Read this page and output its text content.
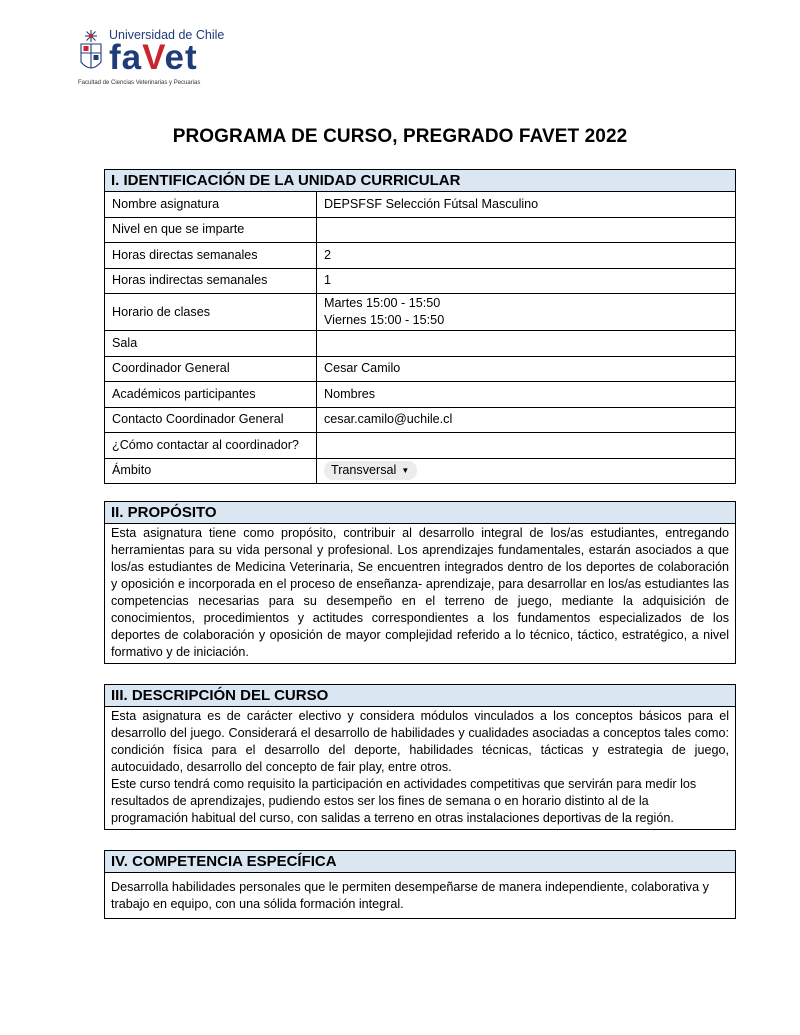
Universidad de Chile
faVet
Facultad de Ciencias Veterinarias y Pecuarias
PROGRAMA DE CURSO, PREGRADO FAVET 2022
I. IDENTIFICACIÓN DE LA UNIDAD CURRICULAR
Nombre asignatura	DEPSFSF Selección Fútsal Masculino
Nivel en que se imparte	
Horas directas semanales	2
Horas indirectas semanales	1
Horario de clases	Martes 15:00 - 15:50
Viernes 15:00 - 15:50

Sala	
Coordinador General	Cesar Camilo
Académicos participantes	Nombres
Contacto Coordinador General	cesar.camilo@uchile.cl
¿Cómo contactar al coordinador?	
Ámbito	Transversal ▼
II. PROPÓSITO

Esta asignatura tiene como propósito, contribuir al desarrollo integral de los/as estudiantes, entregando herramientas para su vida personal y profesional. Los aprendizajes fundamentales, estarán asociados a que los/as estudiantes de Medicina Veterinaria, Se encuentren integrados dentro de los deportes de colaboración y oposición e incorporada en el proceso de enseñanza- aprendizaje, para desarrollar en los/as estudiantes las competencias necesarias para su desempeño en el terreno de juego, mediante la adquisición de conocimientos, procedimientos y actitudes correspondientes a los fundamentos especializados de los deportes de colaboración y oposición de mayor complejidad referido a lo técnico, táctico, estratégico, a nivel formativo y de iniciación.

III. DESCRIPCIÓN DEL CURSO

Esta asignatura es de carácter electivo y considera módulos vinculados a los conceptos básicos para el desarrollo del juego. Considerará el desarrollo de habilidades y cualidades asociadas a conceptos tales como: condición física para el desarrollo del deporte, habilidades técnicas, tácticas y estrategia de juego, autocuidado, desarrollo del concepto de fair play, entre otros.

Este curso tendrá como requisito la participación en actividades competitivas que servirán para medir los resultados de aprendizajes, pudiendo estos ser los fines de semana o en horario distinto al de la programación habitual del curso, con salidas a terreno en otras instalaciones deportivas de la región.

IV. COMPETENCIA ESPECÍFICA

Desarrolla habilidades personales que le permiten desempeñarse de manera independiente, colaborativa y trabajo en equipo, con una sólida formación integral.
